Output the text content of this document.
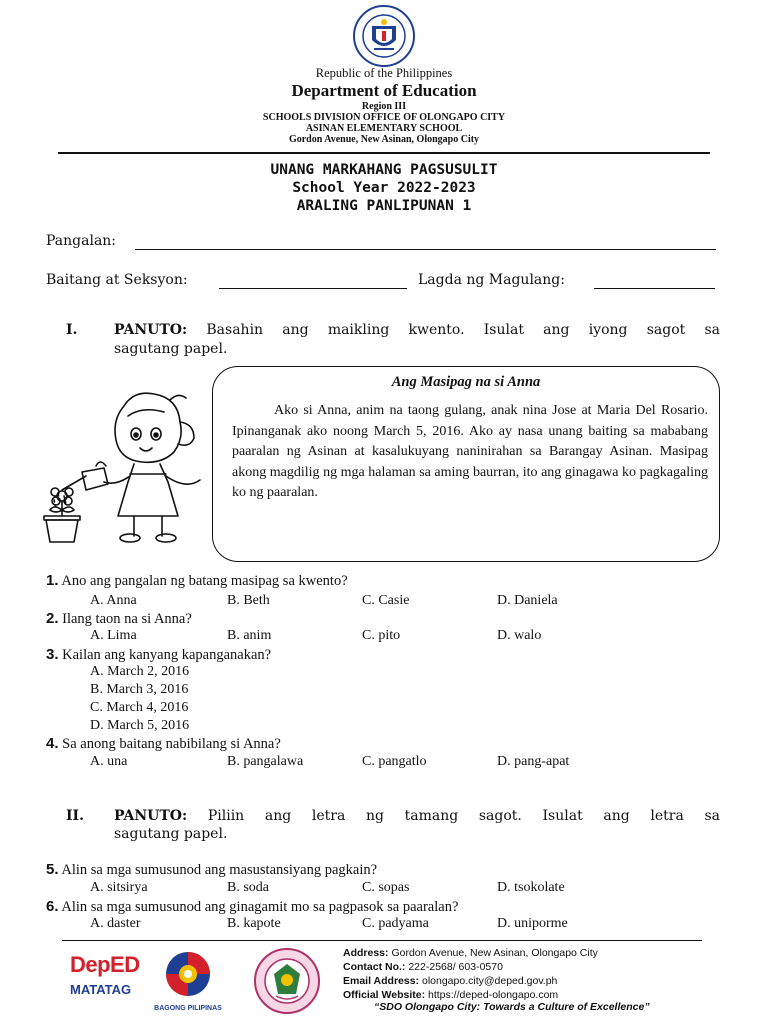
Republic of the Philippines
Department of Education
Region III
SCHOOLS DIVISION OFFICE OF OLONGAPO CITY
ASINAN ELEMENTARY SCHOOL
Gordon Avenue, New Asinan, Olongapo City
UNANG MARKAHANG PAGSUSULIT
School Year 2022-2023
ARALING PANLIPUNAN 1
Pangalan:
Baitang at Seksyon:	Lagda ng Magulang:
I.	PANUTO: Basahin ang maikling kwento. Isulat ang iyong sagot sa
sagutang papel.
Ang Masipag na si Anna
Ako si Anna, anim na taong gulang, anak nina Jose at Maria Del Rosario. Ipinanganak ako noong March 5, 2016. Ako ay nasa unang baiting sa mababang paaralan ng Asinan at kasalukuyang naninirahan sa Barangay Asinan. Masipag akong magdilig ng mga halaman sa aming baurran, ito ang ginagawa ko pagkagaling ko ng paaralan.
1. Ano ang pangalan ng batang masipag sa kwento?
A. Anna	B. Beth	C. Casie	D. Daniela
2. Ilang taon na si Anna?
A. Lima	B. anim	C. pito	D. walo
3. Kailan ang kanyang kapanganakan?
A. March 2, 2016
B. March 3, 2016
C. March 4, 2016
D. March 5, 2016
4. Sa anong baitang nabibilang si Anna?
A. una	B. pangalawa	C. pangatlo	D. pang-apat
II. PANUTO: Piliin ang letra ng tamang sagot. Isulat ang letra sa
sagutang papel.
5. Alin sa mga sumusunod ang masustansiyang pagkain?
A. sitsirya	B. soda	C. sopas	D. tsokolate
6. Alin sa mga sumusunod ang ginagamit mo sa pagpasok sa paaralan?
A. daster	B. kapote	C. padyama	D. uniporme
DepED
MATATAG
BAGONG PILIPINAS
Address: Gordon Avenue, New Asinan, Olongapo City
Contact No.: 222-2568/ 603-0570
Email Address: olongapo.city@deped.gov.ph
Official Website: https://deped-olongapo.com
“SDO Olongapo City: Towards a Culture of Excellence”
